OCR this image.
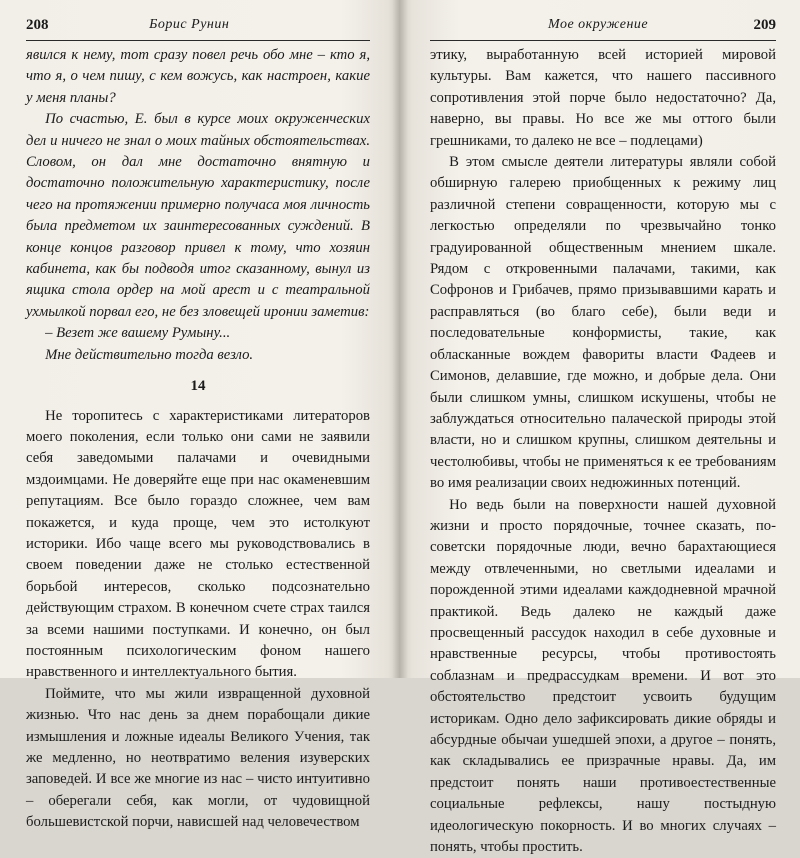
208	Борис Рунин

явился к нему, тот сразу повел речь обо мне – кто я, что я, о чем пишу, с кем вожусь, как настроен, какие у меня планы?

По счастью, Е. был в курсе моих окруженческих дел и ничего не знал о моих тайных обстоятельствах. Словом, он дал мне достаточно внятную и достаточно положительную характеристику, после чего на протяжении примерно получаса моя личность была предметом их заинтересованных суждений. В конце концов разговор привел к тому, что хозяин кабинета, как бы подводя итог сказанному, вынул из ящика стола ордер на мой арест и с театральной ухмылкой порвал его, не без зловещей иронии заметив:

– Везет же вашему Румыну...

Мне действительно тогда везло.

14

Не торопитесь с характеристиками литераторов моего поколения, если только они сами не заявили себя заведомыми палачами и очевидными мздоимцами. Не доверяйте еще при нас окаменевшим репутациям. Все было гораздо сложнее, чем вам покажется, и куда проще, чем это истолкуют историки. Ибо чаще всего мы руководствовались в своем поведении даже не столько естественной борьбой интересов, сколько подсознательно действующим страхом. В конечном счете страх таился за всеми нашими поступками. И конечно, он был постоянным психологическим фоном нашего нравственного и интеллектуального бытия.

Поймите, что мы жили извращенной духовной жизнью. Что нас день за днем порабощали дикие измышления и ложные идеалы Великого Учения, так же медленно, но неотвратимо веления изуверских заповедей. И все же многие из нас – чисто интуитивно – оберегали себя, как могли, от чудовищной большевистской порчи, нависшей над человечеством

Мое окружение	209

этику, выработанную всей историей мировой культуры. Вам кажется, что нашего пассивного сопротивления этой порче было недостаточно? Да, наверно, вы правы. Но все же мы оттого были грешниками, то далеко не все – подлецами)

В этом смысле деятели литературы являли собой обширную галерею приобщенных к режиму лиц различной степени совращенности, которую мы с легкостью определяли по чрезвычайно тонко градуированной общественным мнением шкале. Рядом с откровенными палачами, такими, как Софронов и Грибачев, прямо призывавшими карать и расправляться (во благо себе), были веди и последовательные конформисты, такие, как обласканные вождем фавориты власти Фадеев и Симонов, делавшие, где можно, и добрые дела. Они были слишком умны, слишком искушены, чтобы не заблуждаться относительно палаческой природы этой власти, но и слишком крупны, слишком деятельны и честолюбивы, чтобы не применяться к ее требованиям во имя реализации своих недюжинных потенций.

Но ведь были на поверхности нашей духовной жизни и просто порядочные, точнее сказать, по-советски порядочные люди, вечно барахтающиеся между отвлеченными, но светлыми идеалами и порожденной этими идеалами каждодневной мрачной практикой. Ведь далеко не каждый даже просвещенный рассудок находил в себе духовные и нравственные ресурсы, чтобы противостоять соблазнам и предрассудкам времени. И вот это обстоятельство предстоит усвоить будущим историкам. Одно дело зафиксировать дикие обряды и абсурдные обычаи ушедшей эпохи, а другое – понять, как складывались ее призрачные нравы. Да, им предстоит понять наши противоестественные социальные рефлексы, нашу постыдную идеологическую покорность. И во многих случаях – понять, чтобы простить.
